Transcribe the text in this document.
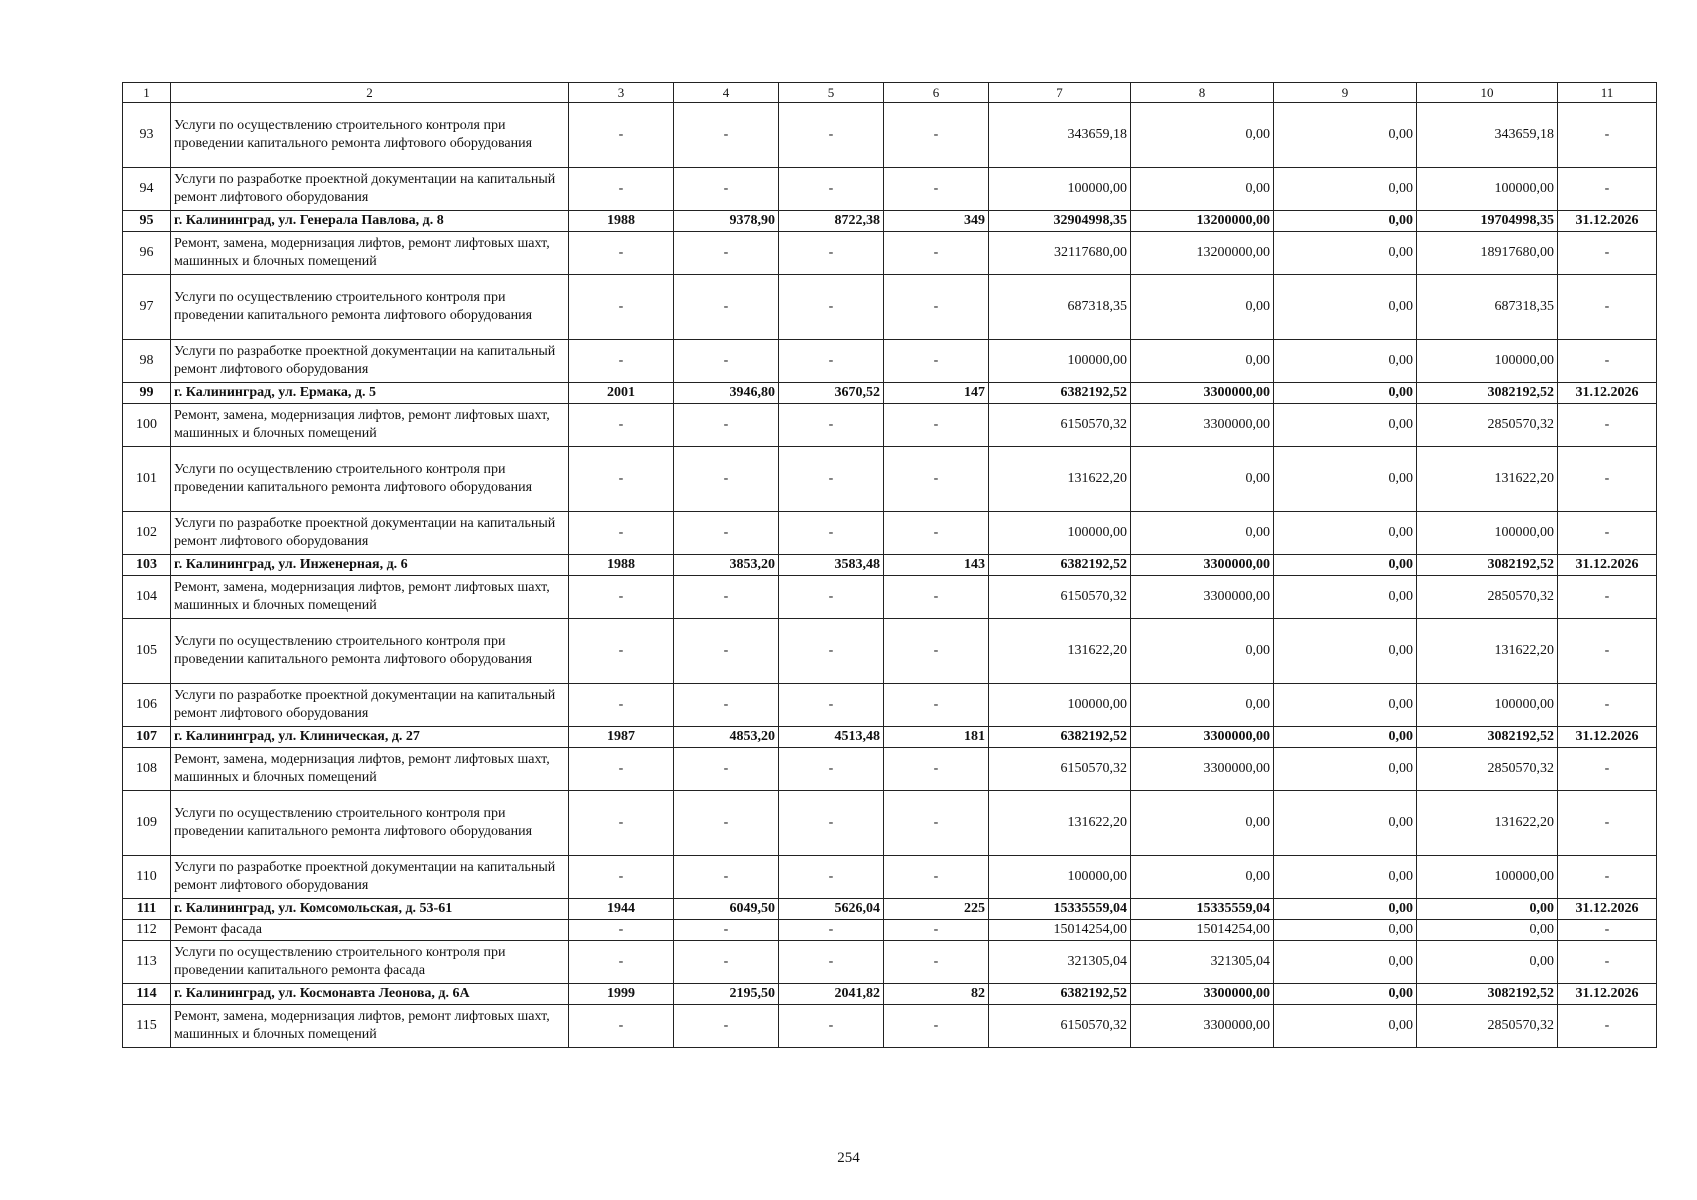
1	2	3	4	5	6	7	8	9	10	11
93	Услуги по осуществлению строительного контроля при проведении капитального ремонта лифтового оборудования	-	-	-	-	343659,18	0,00	0,00	343659,18	-
94	Услуги по разработке проектной документации на капитальный ремонт лифтового оборудования	-	-	-	-	100000,00	0,00	0,00	100000,00	-
95	г. Калининград, ул. Генерала Павлова, д. 8	1988	9378,90	8722,38	349	32904998,35	13200000,00	0,00	19704998,35	31.12.2026
96	Ремонт, замена, модернизация лифтов, ремонт лифтовых шахт, машинных и блочных помещений	-	-	-	-	32117680,00	13200000,00	0,00	18917680,00	-
97	Услуги по осуществлению строительного контроля при проведении капитального ремонта лифтового оборудования	-	-	-	-	687318,35	0,00	0,00	687318,35	-
98	Услуги по разработке проектной документации на капитальный ремонт лифтового оборудования	-	-	-	-	100000,00	0,00	0,00	100000,00	-
99	г. Калининград, ул. Ермака, д. 5	2001	3946,80	3670,52	147	6382192,52	3300000,00	0,00	3082192,52	31.12.2026
100	Ремонт, замена, модернизация лифтов, ремонт лифтовых шахт, машинных и блочных помещений	-	-	-	-	6150570,32	3300000,00	0,00	2850570,32	-
101	Услуги по осуществлению строительного контроля при проведении капитального ремонта лифтового оборудования	-	-	-	-	131622,20	0,00	0,00	131622,20	-
102	Услуги по разработке проектной документации на капитальный ремонт лифтового оборудования	-	-	-	-	100000,00	0,00	0,00	100000,00	-
103	г. Калининград, ул. Инженерная, д. 6	1988	3853,20	3583,48	143	6382192,52	3300000,00	0,00	3082192,52	31.12.2026
104	Ремонт, замена, модернизация лифтов, ремонт лифтовых шахт, машинных и блочных помещений	-	-	-	-	6150570,32	3300000,00	0,00	2850570,32	-
105	Услуги по осуществлению строительного контроля при проведении капитального ремонта лифтового оборудования	-	-	-	-	131622,20	0,00	0,00	131622,20	-
106	Услуги по разработке проектной документации на капитальный ремонт лифтового оборудования	-	-	-	-	100000,00	0,00	0,00	100000,00	-
107	г. Калининград, ул. Клиническая, д. 27	1987	4853,20	4513,48	181	6382192,52	3300000,00	0,00	3082192,52	31.12.2026
108	Ремонт, замена, модернизация лифтов, ремонт лифтовых шахт, машинных и блочных помещений	-	-	-	-	6150570,32	3300000,00	0,00	2850570,32	-
109	Услуги по осуществлению строительного контроля при проведении капитального ремонта лифтового оборудования	-	-	-	-	131622,20	0,00	0,00	131622,20	-
110	Услуги по разработке проектной документации на капитальный ремонт лифтового оборудования	-	-	-	-	100000,00	0,00	0,00	100000,00	-
111	г. Калининград, ул. Комсомольская, д. 53-61	1944	6049,50	5626,04	225	15335559,04	15335559,04	0,00	0,00	31.12.2026
112	Ремонт фасада	-	-	-	-	15014254,00	15014254,00	0,00	0,00	-
113	Услуги по осуществлению строительного контроля при проведении капитального ремонта фасада	-	-	-	-	321305,04	321305,04	0,00	0,00	-
114	г. Калининград, ул. Космонавта Леонова, д. 6А	1999	2195,50	2041,82	82	6382192,52	3300000,00	0,00	3082192,52	31.12.2026
115	Ремонт, замена, модернизация лифтов, ремонт лифтовых шахт, машинных и блочных помещений	-	-	-	-	6150570,32	3300000,00	0,00	2850570,32	-
254
